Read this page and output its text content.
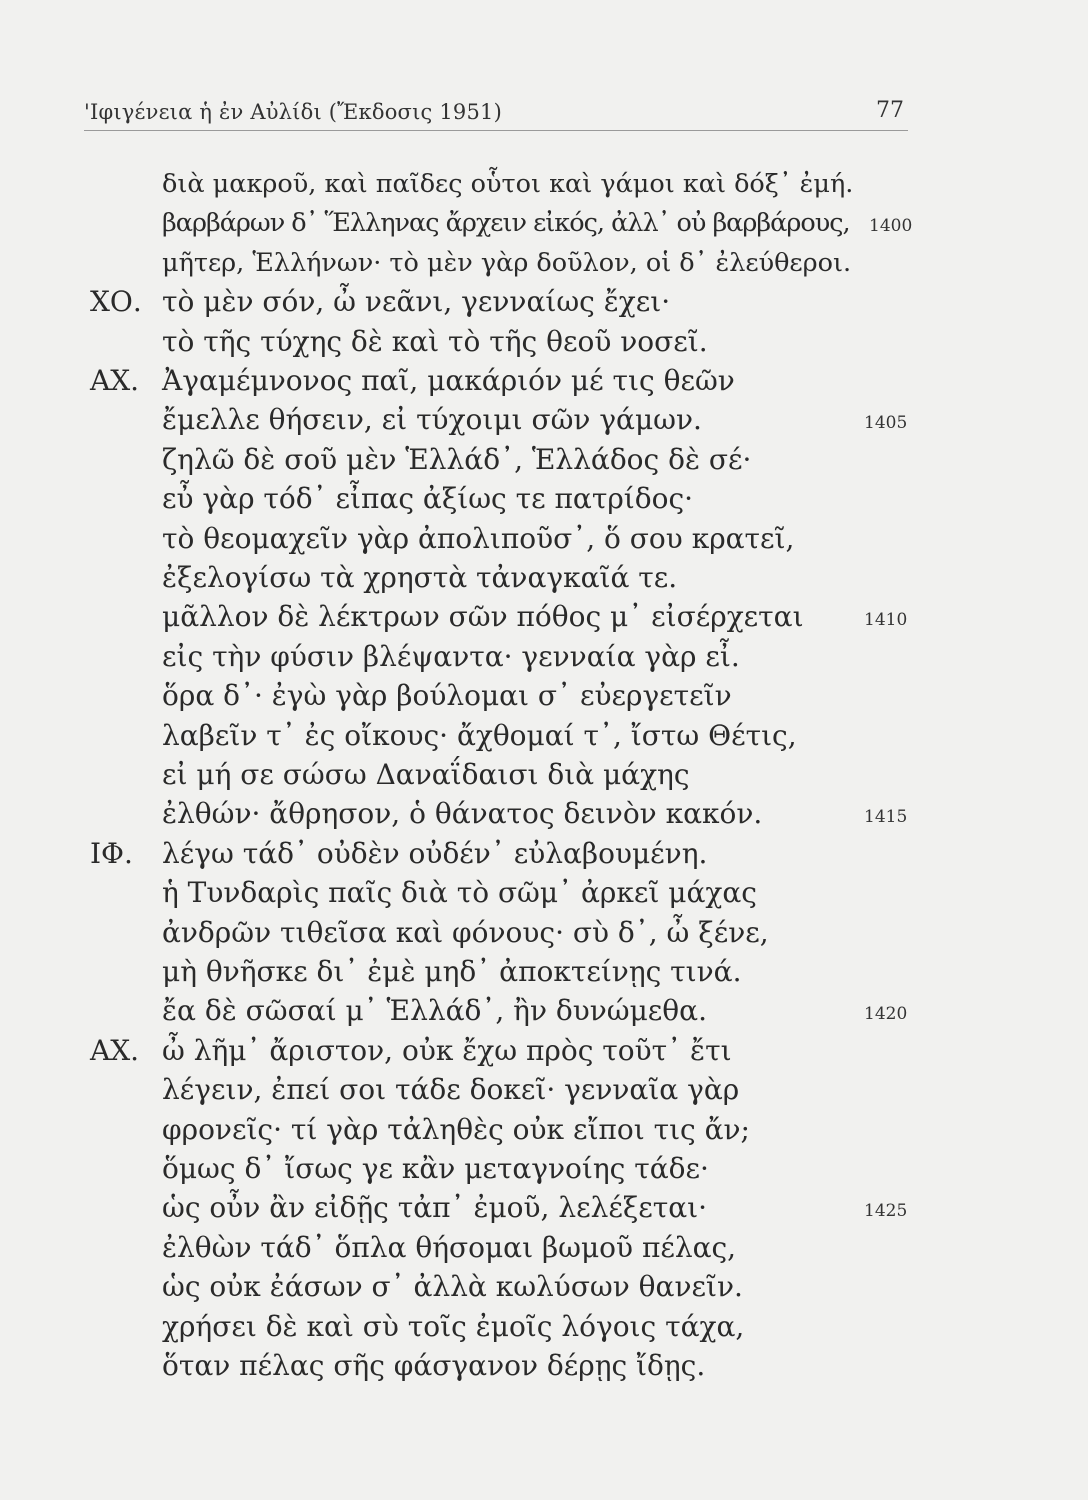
'Ιφιγένεια ἡ ἐν Αὐλίδι (Ἔκδοσις 1951)	77
διὰ μακροῦ, καὶ παῖδες οὗτοι καὶ γάμοι καὶ δόξ᾽ ἐμή.
βαρβάρων δ᾽ Ἕλληνας ἄρχειν εἰκός, ἀλλ᾽ οὐ βαρβάρους, 1400
μῆτερ, Ἑλλήνων· τὸ μὲν γὰρ δοῦλον, οἱ δ᾽ ἐλεύθεροι.
ΧΟ. τὸ μὲν σόν, ὦ νεᾶνι, γενναίως ἔχει·
τὸ τῆς τύχης δὲ καὶ τὸ τῆς θεοῦ νοσεῖ.
ΑΧ. Ἀγαμέμνονος παῖ, μακάριόν μέ τις θεῶν
ἔμελλε θήσειν, εἰ τύχοιμι σῶν γάμων.	1405
ζηλῶ δὲ σοῦ μὲν Ἑλλάδ᾽, Ἑλλάδος δὲ σέ·
εὖ γὰρ τόδ᾽ εἶπας ἀξίως τε πατρίδος·
τὸ θεομαχεῖν γὰρ ἀπολιποῦσ᾽, ὅ σου κρατεῖ,
ἐξελογίσω τὰ χρηστὰ τἀναγκαῖά τε.
μᾶλλον δὲ λέκτρων σῶν πόθος μ᾽ εἰσέρχεται	1410
εἰς τὴν φύσιν βλέψαντα· γενναία γὰρ εἶ.
ὅρα δ᾽· ἐγὼ γὰρ βούλομαι σ᾽ εὐεργετεῖν
λαβεῖν τ᾽ ἐς οἴκους· ἄχθομαί τ᾽, ἴστω Θέτις,
εἰ μή σε σώσω Δαναΐδαισι διὰ μάχης
ἐλθών· ἄθρησον, ὁ θάνατος δεινὸν κακόν.	1415
ΙΦ. λέγω τάδ᾽ οὐδὲν οὐδέν᾽ εὐλαβουμένη.
ἡ Τυνδαρὶς παῖς διὰ τὸ σῶμ᾽ ἀρκεῖ μάχας
ἀνδρῶν τιθεῖσα καὶ φόνους· σὺ δ᾽, ὦ ξένε,
μὴ θνῆσκε δι᾽ ἐμὲ μηδ᾽ ἀποκτείνῃς τινά.
ἔα δὲ σῶσαί μ᾽ Ἑλλάδ᾽, ἢν δυνώμεθα.	1420
ΑΧ. ὦ λῆμ᾽ ἄριστον, οὐκ ἔχω πρὸς τοῦτ᾽ ἔτι
λέγειν, ἐπεί σοι τάδε δοκεῖ· γενναῖα γὰρ
φρονεῖς· τί γὰρ τἀληθὲς οὐκ εἴποι τις ἄν;
ὅμως δ᾽ ἴσως γε κἂν μεταγνοίης τάδε·
ὡς οὖν ἂν εἰδῇς τἀπ᾽ ἐμοῦ, λελέξεται·	1425
ἐλθὼν τάδ᾽ ὅπλα θήσομαι βωμοῦ πέλας,
ὡς οὐκ ἐάσων σ᾽ ἀλλὰ κωλύσων θανεῖν.
χρήσει δὲ καὶ σὺ τοῖς ἐμοῖς λόγοις τάχα,
ὅταν πέλας σῆς φάσγανον δέρῃς ἴδῃς.
